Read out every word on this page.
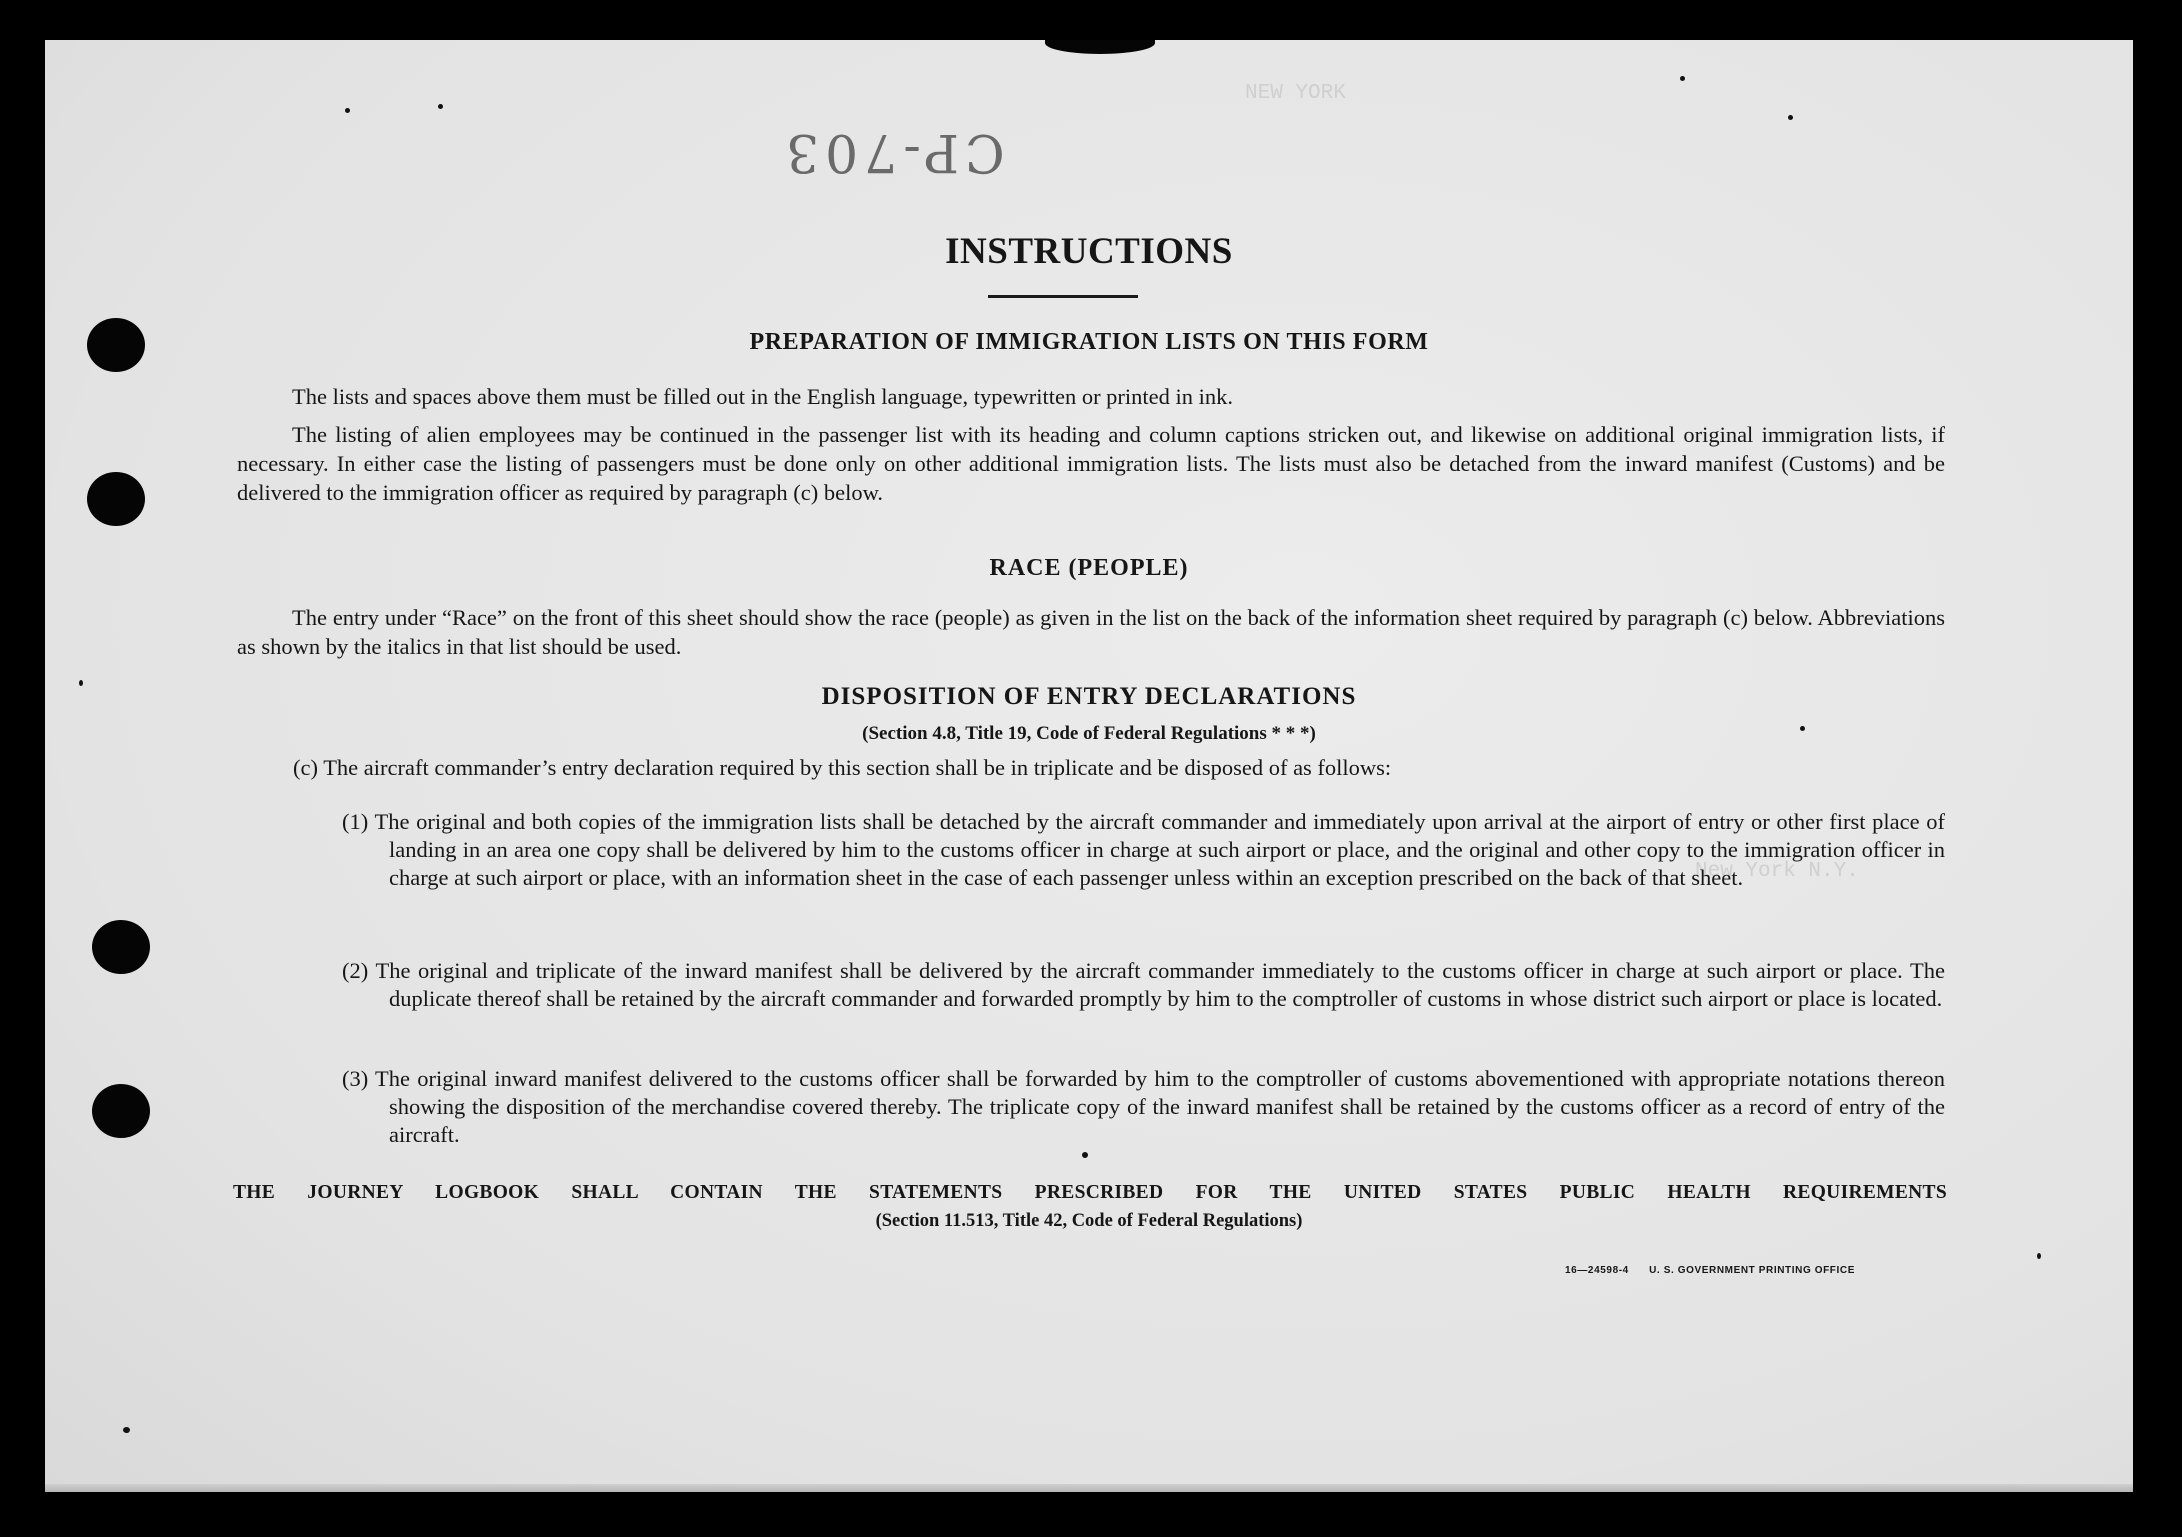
NEW YORK
New York N.Y.
CP-703
INSTRUCTIONS
PREPARATION OF IMMIGRATION LISTS ON THIS FORM
The lists and spaces above them must be filled out in the English language, typewritten or printed in ink.
The listing of alien employees may be continued in the passenger list with its heading and column captions stricken out, and likewise on additional original immigration lists, if necessary. In either case the listing of passengers must be done only on other additional immigration lists. The lists must also be detached from the inward manifest (Customs) and be delivered to the immigration officer as required by paragraph (c) below.
RACE (PEOPLE)
The entry under “Race” on the front of this sheet should show the race (people) as given in the list on the back of the information sheet required by paragraph (c) below. Abbreviations as shown by the italics in that list should be used.
DISPOSITION OF ENTRY DECLARATIONS
(Section 4.8, Title 19, Code of Federal Regulations * * *)
(c) The aircraft commander’s entry declaration required by this section shall be in triplicate and be disposed of as follows:
(1) The original and both copies of the immigration lists shall be detached by the aircraft commander and immediately upon arrival at the airport of entry or other first place of landing in an area one copy shall be delivered by him to the customs officer in charge at such airport or place, and the original and other copy to the immigration officer in charge at such airport or place, with an information sheet in the case of each passenger unless within an exception prescribed on the back of that sheet.
(2) The original and triplicate of the inward manifest shall be delivered by the aircraft commander immediately to the customs officer in charge at such airport or place. The duplicate thereof shall be retained by the aircraft commander and forwarded promptly by him to the comptroller of customs in whose district such airport or place is located.
(3) The original inward manifest delivered to the customs officer shall be forwarded by him to the comptroller of customs abovementioned with appropriate notations thereon showing the disposition of the merchandise covered thereby. The triplicate copy of the inward manifest shall be retained by the customs officer as a record of entry of the aircraft.
THE JOURNEY LOGBOOK SHALL CONTAIN THE STATEMENTS PRESCRIBED FOR THE UNITED STATES PUBLIC HEALTH REQUIREMENTS
(Section 11.513, Title 42, Code of Federal Regulations)
16—24598-4 U. S. GOVERNMENT PRINTING OFFICE
